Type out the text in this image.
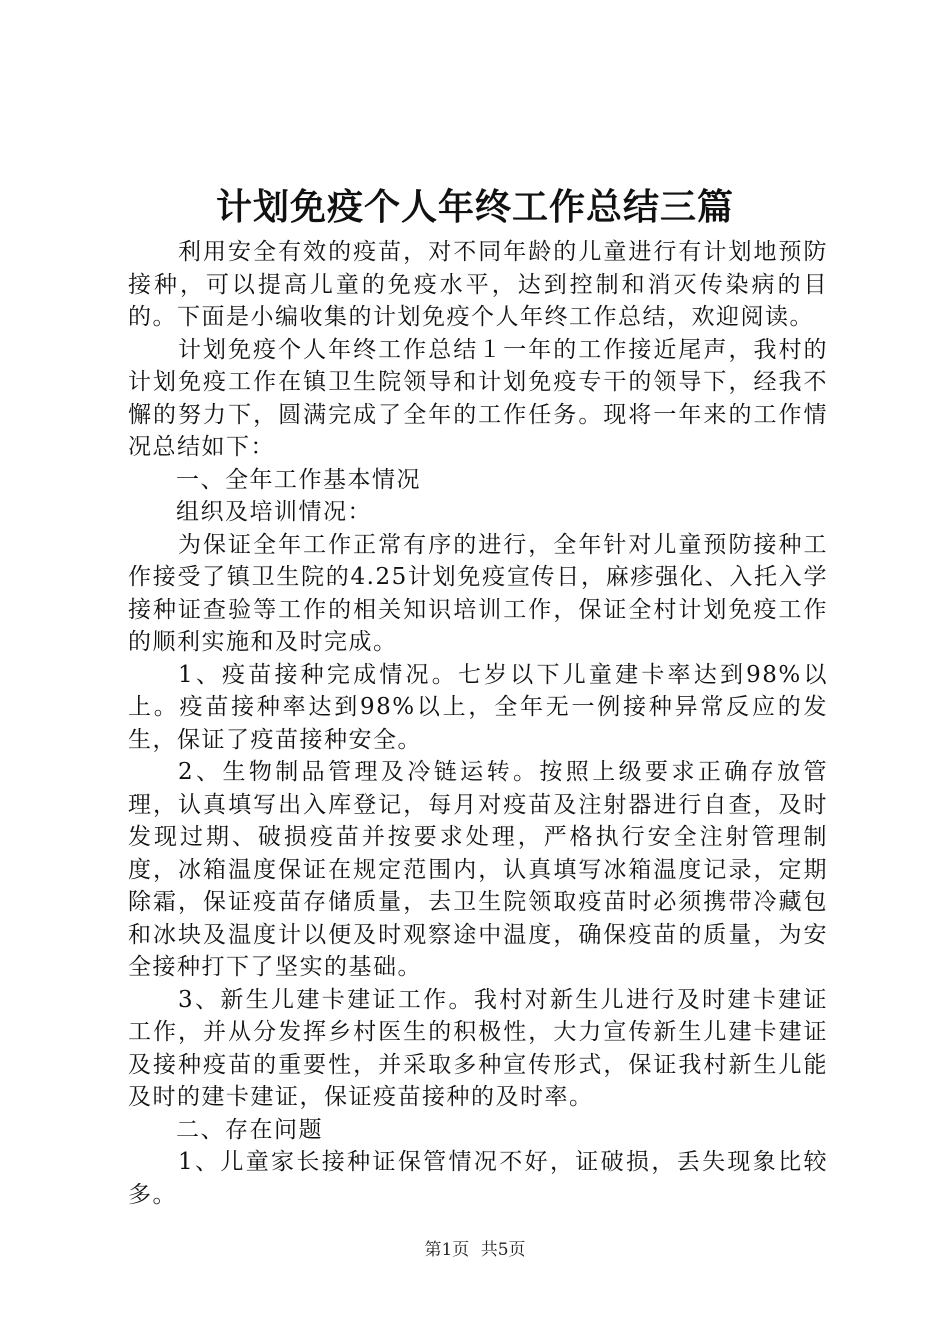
计划免疫个人年终工作总结三篇

利用安全有效的疫苗，对不同年龄的儿童进行有计划地预防接种，可以提高儿童的免疫水平，达到控制和消灭传染病的目的。下面是小编收集的计划免疫个人年终工作总结，欢迎阅读。

计划免疫个人年终工作总结１一年的工作接近尾声，我村的计划免疫工作在镇卫生院领导和计划免疫专干的领导下，经我不懈的努力下，圆满完成了全年的工作任务。现将一年来的工作情况总结如下：

一、全年工作基本情况

组织及培训情况：

为保证全年工作正常有序的进行，全年针对儿童预防接种工作接受了镇卫生院的4.25计划免疫宣传日，麻疹强化、入托入学接种证查验等工作的相关知识培训工作，保证全村计划免疫工作的顺利实施和及时完成。

1、疫苗接种完成情况。七岁以下儿童建卡率达到98%以上。疫苗接种率达到98%以上，全年无一例接种异常反应的发生，保证了疫苗接种安全。

2、生物制品管理及冷链运转。按照上级要求正确存放管理，认真填写出入库登记，每月对疫苗及注射器进行自查，及时发现过期、破损疫苗并按要求处理，严格执行安全注射管理制度，冰箱温度保证在规定范围内，认真填写冰箱温度记录，定期除霜，保证疫苗存储质量，去卫生院领取疫苗时必须携带冷藏包和冰块及温度计以便及时观察途中温度，确保疫苗的质量，为安全接种打下了坚实的基础。

3、新生儿建卡建证工作。我村对新生儿进行及时建卡建证工作，并从分发挥乡村医生的积极性，大力宣传新生儿建卡建证及接种疫苗的重要性，并采取多种宣传形式，保证我村新生儿能及时的建卡建证，保证疫苗接种的及时率。

二、存在问题

1、儿童家长接种证保管情况不好，证破损，丢失现象比较多。

第1页 共5页
